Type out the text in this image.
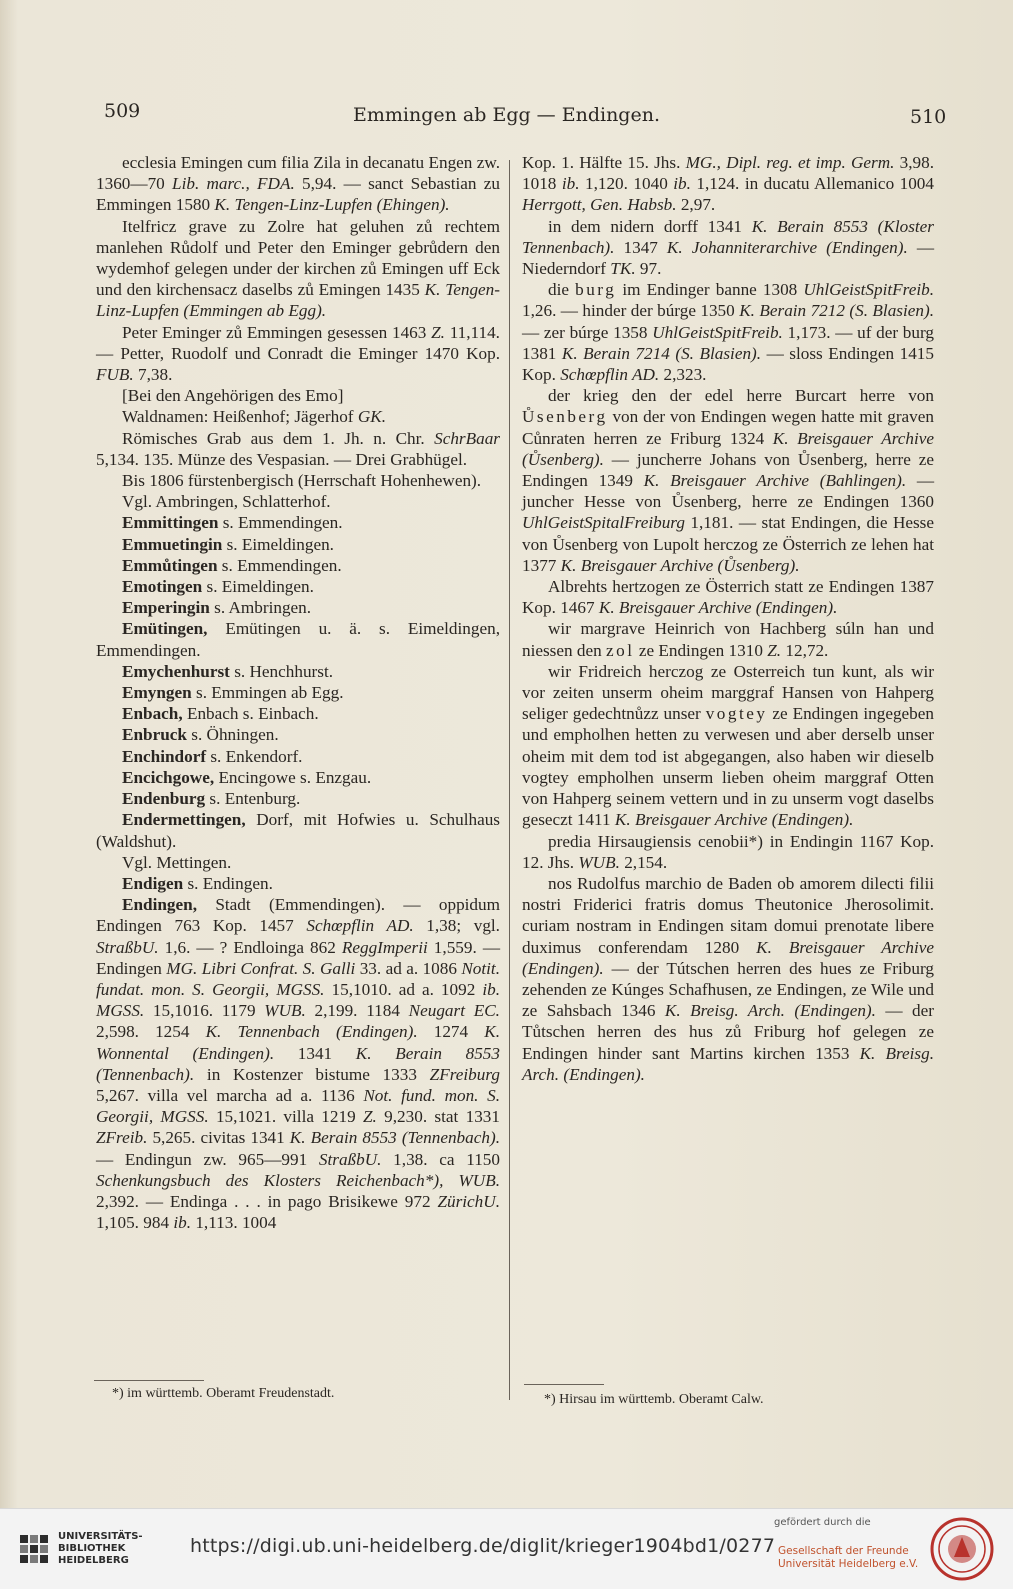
509	Emmingen ab Egg — Endingen.	510

ecclesia Emingen cum filia Zila in decanatu Engen zw. 1360—70 Lib. marc., FDA. 5,94. — sanct Sebastian zu Emmingen 1580 K. Tengen-Linz-Lupfen (Ehingen).

Itelfricz grave zu Zolre hat geluhen zů rechtem manlehen Růdolf und Peter den Eminger gebrůdern den wydemhof gelegen under der kirchen zů Emingen uff Eck und den kirchensacz daselbs zů Emingen 1435 K. Tengen-Linz-Lupfen (Emmingen ab Egg).

Peter Eminger zů Emmingen gesessen 1463 Z. 11,114. — Petter, Ruodolf und Conradt die Eminger 1470 Kop. FUB. 7,38.

[Bei den Angehörigen des Emo]

Waldnamen: Heißenhof; Jägerhof GK.

Römisches Grab aus dem 1. Jh. n. Chr. SchrBaar 5,134. 135. Münze des Vespasian. — Drei Grabhügel.

Bis 1806 fürstenbergisch (Herrschaft Hohenhewen).

Vgl. Ambringen, Schlatterhof.

Emmittingen s. Emmendingen.

Emmuetingin s. Eimeldingen.

Emmůtingen s. Emmendingen.

Emotingen s. Eimeldingen.

Emperingin s. Ambringen.

Emütingen, Emütingen u. ä. s. Eimeldingen, Emmendingen.

Emychenhurst s. Henchhurst.

Emyngen s. Emmingen ab Egg.

Enbach, Enbach s. Einbach.

Enbruck s. Öhningen.

Enchindorf s. Enkendorf.

Encichgowe, Encingowe s. Enzgau.

Endenburg s. Entenburg.

Endermettingen, Dorf, mit Hofwies u. Schulhaus (Waldshut).

Vgl. Mettingen.

Endigen s. Endingen.

Endingen, Stadt (Emmendingen). — oppidum Endingen 763 Kop. 1457 Schœpflin AD. 1,38; vgl. StraßbU. 1,6. — ? Endloinga 862 ReggImperii 1,559. — Endingen MG. Libri Confrat. S. Galli 33. ad a. 1086 Notit. fundat. mon. S. Georgii, MGSS. 15,1010. ad a. 1092 ib. MGSS. 15,1016. 1179 WUB. 2,199. 1184 Neugart EC. 2,598. 1254 K. Tennenbach (Endingen). 1274 K. Wonnental (Endingen). 1341 K. Berain 8553 (Tennenbach). in Kostenzer bistume 1333 ZFreiburg 5,267. villa vel marcha ad a. 1136 Not. fund. mon. S. Georgii, MGSS. 15,1021. villa 1219 Z. 9,230. stat 1331 ZFreib. 5,265. civitas 1341 K. Berain 8553 (Tennenbach). — Endingun zw. 965—991 StraßbU. 1,38. ca 1150 Schenkungsbuch des Klosters Reichenbach*), WUB. 2,392. — Endinga . . . in pago Brisikewe 972 ZürichU. 1,105. 984 ib. 1,113. 1004

Kop. 1. Hälfte 15. Jhs. MG., Dipl. reg. et imp. Germ. 3,98. 1018 ib. 1,120. 1040 ib. 1,124. in ducatu Allemanico 1004 Herrgott, Gen. Habsb. 2,97.

in dem nidern dorff 1341 K. Berain 8553 (Kloster Tennenbach). 1347 K. Johanniterarchive (Endingen). — Niederndorf TK. 97.

die burg im Endinger banne 1308 UhlGeistSpitFreib. 1,26. — hinder der búrge 1350 K. Berain 7212 (S. Blasien). — zer búrge 1358 UhlGeistSpitFreib. 1,173. — uf der burg 1381 K. Berain 7214 (S. Blasien). — sloss Endingen 1415 Kop. Schœpflin AD. 2,323.

der krieg den der edel herre Burcart herre von Ůsenberg von der von Endingen wegen hatte mit graven Cůnraten herren ze Friburg 1324 K. Breisgauer Archive (Ůsenberg). — juncherre Johans von Ůsenberg, herre ze Endingen 1349 K. Breisgauer Archive (Bahlingen). — juncher Hesse von Ůsenberg, herre ze Endingen 1360 UhlGeistSpitalFreiburg 1,181. — stat Endingen, die Hesse von Ůsenberg von Lupolt herczog ze Österrich ze lehen hat 1377 K. Breisgauer Archive (Ůsenberg).

Albrehts hertzogen ze Österrich statt ze Endingen 1387 Kop. 1467 K. Breisgauer Archive (Endingen).

wir margrave Heinrich von Hachberg súln han und niessen den zol ze Endingen 1310 Z. 12,72.

wir Fridreich herczog ze Osterreich tun kunt, als wir vor zeiten unserm oheim marggraf Hansen von Hahperg seliger gedechtnůzz unser vogtey ze Endingen ingegeben und empholhen hetten zu verwesen und aber derselb unser oheim mit dem tod ist abgegangen, also haben wir dieselb vogtey empholhen unserm lieben oheim marggraf Otten von Hahperg seinem vettern und in zu unserm vogt daselbs geseczt 1411 K. Breisgauer Archive (Endingen).

predia Hirsaugiensis cenobii*) in Endingin 1167 Kop. 12. Jhs. WUB. 2,154.

nos Rudolfus marchio de Baden ob amorem dilecti filii nostri Friderici fratris domus Theutonice Jherosolimit. curiam nostram in Endingen sitam domui prenotate libere duximus conferendam 1280 K. Breisgauer Archive (Endingen). — der Tútschen herren des hues ze Friburg zehenden ze Kúnges Schafhusen, ze Endingen, ze Wile und ze Sahsbach 1346 K. Breisg. Arch. (Endingen). — der Tůtschen herren des hus zů Friburg hof gelegen ze Endingen hinder sant Martins kirchen 1353 K. Breisg. Arch. (Endingen).

*) im württemb. Oberamt Freudenstadt.	*) Hirsau im württemb. Oberamt Calw.
UNIVERSITÄTS-
BIBLIOTHEK
HEIDELBERG
https://digi.ub.uni-heidelberg.de/diglit/krieger1904bd1/0277
gefördert durch die
Gesellschaft der Freunde
Universität Heidelberg e.V.
